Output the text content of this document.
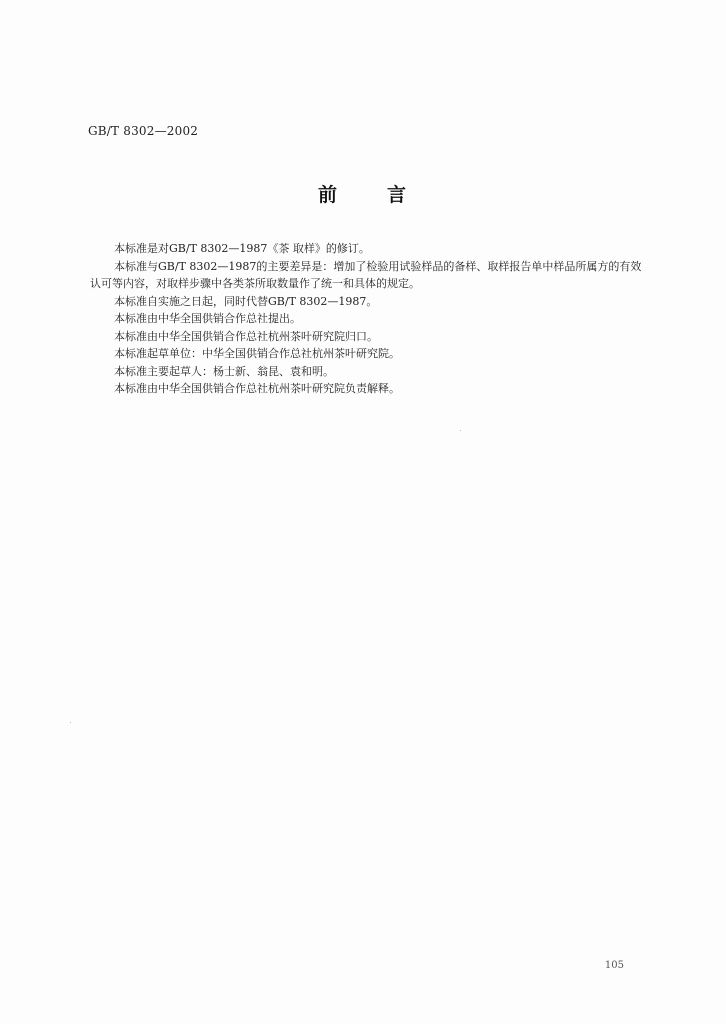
GB/T 8302—2002
前	言

本标准是对GB/T 8302—1987《茶 取样》的修订。

本标准与GB/T 8302—1987的主要差异是：增加了检验用试验样品的备样、取样报告单中样品所属方的有效认可等内容，对取样步骤中各类茶所取数量作了统一和具体的规定。

本标准自实施之日起，同时代替GB/T 8302—1987。

本标准由中华全国供销合作总社提出。

本标准由中华全国供销合作总社杭州茶叶研究院归口。

本标准起草单位：中华全国供销合作总社杭州茶叶研究院。

本标准主要起草人：杨士新、翁昆、袁和明。

本标准由中华全国供销合作总社杭州茶叶研究院负责解释。

105
